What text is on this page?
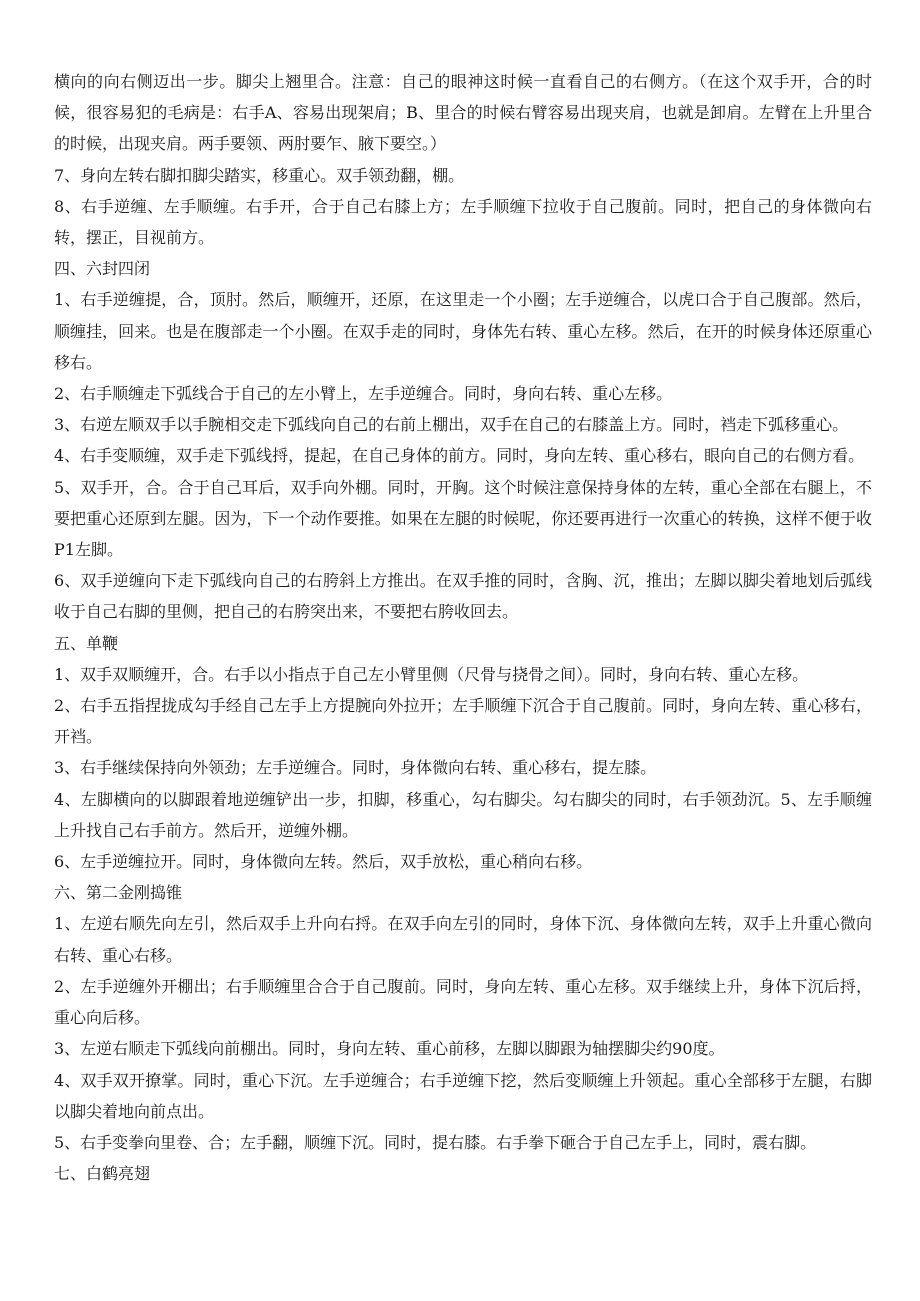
横向的向右侧迈出一步。脚尖上翘里合。注意：自己的眼神这时候一直看自己的右侧方。（在这个双手开，合的时候，很容易犯的毛病是：右手A、容易出现架肩；B、里合的时候右臂容易出现夹肩，也就是卸肩。左臂在上升里合的时候，出现夹肩。两手要领、两肘要乍、腋下要空。）

7、身向左转右脚扣脚尖踏实，移重心。双手领劲翻，棚。

8、右手逆缠、左手顺缠。右手开，合于自己右膝上方；左手顺缠下拉收于自己腹前。同时，把自己的身体微向右转，摆正，目视前方。

四、六封四闭

1、右手逆缠提，合，顶肘。然后，顺缠开，还原，在这里走一个小圈；左手逆缠合，以虎口合于自己腹部。然后，顺缠挂，回来。也是在腹部走一个小圈。在双手走的同时，身体先右转、重心左移。然后，在开的时候身体还原重心移右。

2、右手顺缠走下弧线合于自己的左小臂上，左手逆缠合。同时，身向右转、重心左移。

3、右逆左顺双手以手腕相交走下弧线向自己的右前上棚出，双手在自己的右膝盖上方。同时，裆走下弧移重心。

4、右手变顺缠，双手走下弧线捋，提起，在自己身体的前方。同时，身向左转、重心移右，眼向自己的右侧方看。

5、双手开，合。合于自己耳后，双手向外棚。同时，开胸。这个时候注意保持身体的左转，重心全部在右腿上，不要把重心还原到左腿。因为，下一个动作要推。如果在左腿的时候呢，你还要再进行一次重心的转换，这样不便于收P1左脚。

6、双手逆缠向下走下弧线向自己的右胯斜上方推出。在双手推的同时，含胸、沉，推出；左脚以脚尖着地划后弧线收于自己右脚的里侧，把自己的右胯突出来，不要把右胯收回去。

五、单鞭

1、双手双顺缠开，合。右手以小指点于自己左小臂里侧（尺骨与挠骨之间）。同时，身向右转、重心左移。

2、右手五指捏拢成勾手经自己左手上方提腕向外拉开；左手顺缠下沉合于自己腹前。同时，身向左转、重心移右，开裆。

3、右手继续保持向外领劲；左手逆缠合。同时，身体微向右转、重心移右，提左膝。

4、左脚横向的以脚跟着地逆缠铲出一步，扣脚，移重心，勾右脚尖。勾右脚尖的同时，右手领劲沉。5、左手顺缠上升找自己右手前方。然后开，逆缠外棚。

6、左手逆缠拉开。同时，身体微向左转。然后，双手放松，重心稍向右移。

六、第二金刚捣锥

1、左逆右顺先向左引，然后双手上升向右捋。在双手向左引的同时，身体下沉、身体微向左转，双手上升重心微向右转、重心右移。

2、左手逆缠外开棚出；右手顺缠里合合于自己腹前。同时，身向左转、重心左移。双手继续上升，身体下沉后捋，重心向后移。

3、左逆右顺走下弧线向前棚出。同时，身向左转、重心前移，左脚以脚跟为轴摆脚尖约90度。

4、双手双开撩掌。同时，重心下沉。左手逆缠合；右手逆缠下挖，然后变顺缠上升领起。重心全部移于左腿，右脚以脚尖着地向前点出。

5、右手变拳向里卷、合；左手翻，顺缠下沉。同时，提右膝。右手拳下砸合于自己左手上，同时，震右脚。

七、白鹤亮翅
